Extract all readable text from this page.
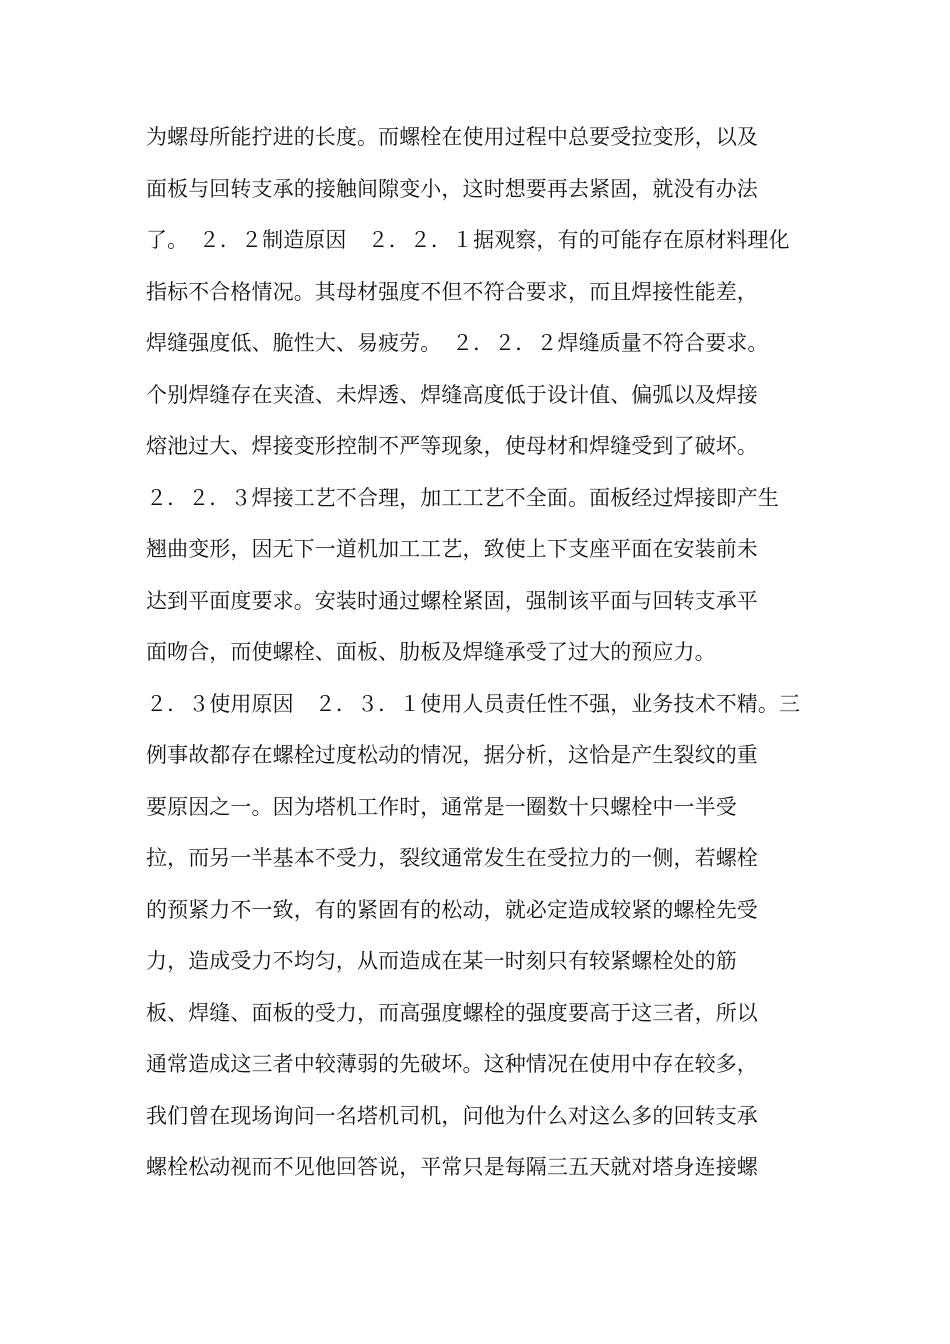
为螺母所能拧进的长度。而螺栓在使用过程中总要受拉变形，以及
面板与回转支承的接触间隙变小，这时想要再去紧固，就没有办法
了。　２．２制造原因　２．２．１据观察，有的可能存在原材料理化
指标不合格情况。其母材强度不但不符合要求，而且焊接性能差，
焊缝强度低、脆性大、易疲劳。　２．２．２焊缝质量不符合要求。
个别焊缝存在夹渣、未焊透、焊缝高度低于设计值、偏弧以及焊接
熔池过大、焊接变形控制不严等现象，使母材和焊缝受到了破坏。
２．２．３焊接工艺不合理，加工工艺不全面。面板经过焊接即产生
翘曲变形，因无下一道机加工工艺，致使上下支座平面在安装前未
达到平面度要求。安装时通过螺栓紧固，强制该平面与回转支承平
面吻合，而使螺栓、面板、肋板及焊缝承受了过大的预应力。
２．３使用原因　２．３．１使用人员责任性不强，业务技术不精。三
例事故都存在螺栓过度松动的情况，据分析，这恰是产生裂纹的重
要原因之一。因为塔机工作时，通常是一圈数十只螺栓中一半受
拉，而另一半基本不受力，裂纹通常发生在受拉力的一侧，若螺栓
的预紧力不一致，有的紧固有的松动，就必定造成较紧的螺栓先受
力，造成受力不均匀，从而造成在某一时刻只有较紧螺栓处的筋
板、焊缝、面板的受力，而高强度螺栓的强度要高于这三者，所以
通常造成这三者中较薄弱的先破坏。这种情况在使用中存在较多，
我们曾在现场询问一名塔机司机，问他为什么对这么多的回转支承
螺栓松动视而不见他回答说，平常只是每隔三五天就对塔身连接螺
